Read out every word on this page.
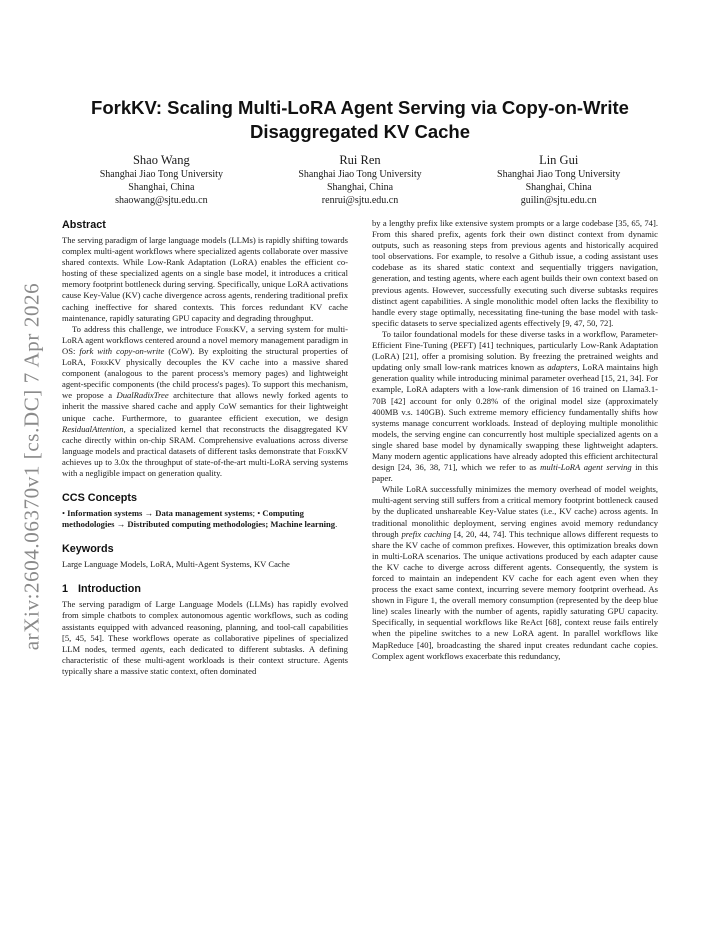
arXiv:2604.06370v1 [cs.DC] 7 Apr 2026
ForkKV: Scaling Multi-LoRA Agent Serving via Copy-on-Write Disaggregated KV Cache
Shao Wang
Shanghai Jiao Tong University
Shanghai, China
shaowang@sjtu.edu.cn
Rui Ren
Shanghai Jiao Tong University
Shanghai, China
renrui@sjtu.edu.cn
Lin Gui
Shanghai Jiao Tong University
Shanghai, China
guilin@sjtu.edu.cn
Abstract

The serving paradigm of large language models (LLMs) is rapidly shifting towards complex multi-agent workflows where specialized agents collaborate over massive shared contexts. While Low-Rank Adaptation (LoRA) enables the efficient co-hosting of these specialized agents on a single base model, it introduces a critical memory footprint bottleneck during serving. Specifically, unique LoRA activations cause Key-Value (KV) cache divergence across agents, rendering traditional prefix caching ineffective for shared contexts. This forces redundant KV cache maintenance, rapidly saturating GPU capacity and degrading throughput.

To address this challenge, we introduce ForkKV, a serving system for multi-LoRA agent workflows centered around a novel memory management paradigm in OS: fork with copy-on-write (CoW). By exploiting the structural properties of LoRA, ForkKV physically decouples the KV cache into a massive shared component (analogous to the parent process's memory pages) and lightweight agent-specific components (the child process's pages). To support this mechanism, we propose a DualRadixTree architecture that allows newly forked agents to inherit the massive shared cache and apply CoW semantics for their lightweight unique cache. Furthermore, to guarantee efficient execution, we design ResidualAttention, a specialized kernel that reconstructs the disaggregated KV cache directly within on-chip SRAM. Comprehensive evaluations across diverse language models and practical datasets of different tasks demonstrate that ForkKV achieves up to 3.0x the throughput of state-of-the-art multi-LoRA serving systems with a negligible impact on generation quality.

CCS Concepts

• Information systems → Data management systems; • Computing methodologies → Distributed computing methodologies; Machine learning.

Keywords

Large Language Models, LoRA, Multi-Agent Systems, KV Cache

1 Introduction

The serving paradigm of Large Language Models (LLMs) has rapidly evolved from simple chatbots to complex autonomous agentic workflows, such as coding assistants equipped with advanced reasoning, planning, and tool-call capabilities [5, 45, 54]. These workflows operate as collaborative pipelines of specialized LLM nodes, termed agents, each dedicated to different subtasks. A defining characteristic of these multi-agent workloads is their context structure. Agents typically share a massive static context, often dominated

by a lengthy prefix like extensive system prompts or a large codebase [35, 65, 74]. From this shared prefix, agents fork their own distinct context from dynamic outputs, such as reasoning steps from previous agents and historically acquired tool observations. For example, to resolve a Github issue, a coding assistant uses codebase as its shared static context and sequentially triggers navigation, generation, and testing agents, where each agent builds their own context based on previous agents. However, successfully executing such diverse subtasks requires distinct agent capabilities. A single monolithic model often lacks the flexibility to handle every stage optimally, necessitating fine-tuning the base model with task-specific datasets to serve specialized agents effectively [9, 47, 50, 72].

To tailor foundational models for these diverse tasks in a workflow, Parameter-Efficient Fine-Tuning (PEFT) [41] techniques, particularly Low-Rank Adaptation (LoRA) [21], offer a promising solution. By freezing the pretrained weights and updating only small low-rank matrices known as adapters, LoRA maintains high generation quality while introducing minimal parameter overhead [15, 21, 34]. For example, LoRA adapters with a low-rank dimension of 16 trained on Llama3.1-70B [42] account for only 0.28% of the original model size (approximately 400MB v.s. 140GB). Such extreme memory efficiency fundamentally shifts how systems manage concurrent workloads. Instead of deploying multiple monolithic models, the serving engine can concurrently host multiple specialized agents on a single shared base model by dynamically swapping these lightweight adapters. Many modern agentic applications have already adopted this efficient architectural design [24, 36, 38, 71], which we refer to as multi-LoRA agent serving in this paper.

While LoRA successfully minimizes the memory overhead of model weights, multi-agent serving still suffers from a critical memory footprint bottleneck caused by the duplicated unshareable Key-Value states (i.e., KV cache) across agents. In traditional monolithic deployment, serving engines avoid memory redundancy through prefix caching [4, 20, 44, 74]. This technique allows different requests to share the KV cache of common prefixes. However, this optimization breaks down in multi-LoRA scenarios. The unique activations produced by each adapter cause the KV cache to diverge across different agents. Consequently, the system is forced to maintain an independent KV cache for each agent even when they process the exact same context, incurring severe memory footprint overhead. As shown in Figure 1, the overall memory consumption (represented by the deep blue line) scales linearly with the number of agents, rapidly saturating GPU capacity. Specifically, in sequential workflows like ReAct [68], context reuse fails entirely when the pipeline switches to a new LoRA agent. In parallel workflows like MapReduce [40], broadcasting the shared input creates redundant cache copies. Complex agent workflows exacerbate this redundancy,
